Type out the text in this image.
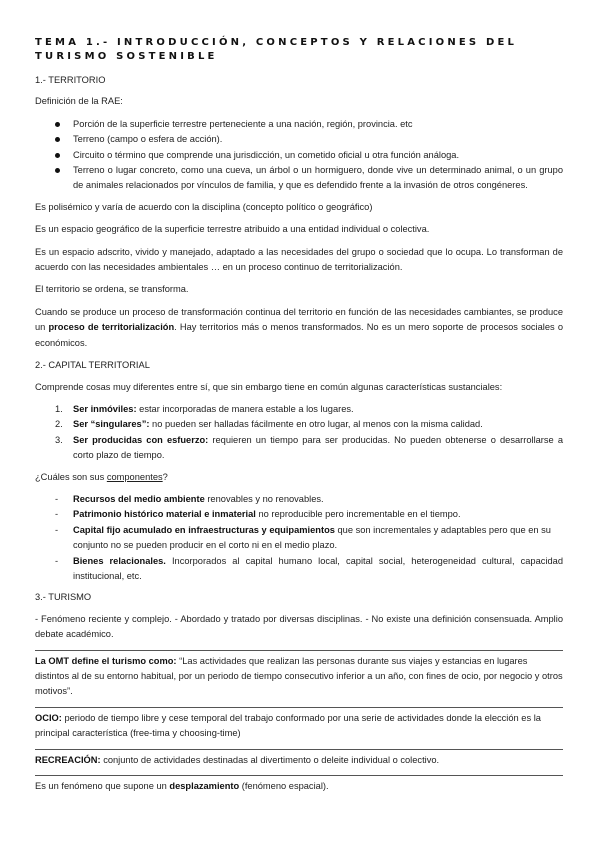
TEMA 1.- INTRODUCCIÓN, CONCEPTOS Y RELACIONES DEL TURISMO SOSTENIBLE
1.- TERRITORIO

Definición de la RAE:

Porción de la superficie terrestre perteneciente a una nación, región, provincia. etc
Terreno (campo o esfera de acción).
Circuito o término que comprende una jurisdicción, un cometido oficial u otra función análoga.
Terreno o lugar concreto, como una cueva, un árbol o un hormiguero, donde vive un determinado animal, o un grupo de animales relacionados por vínculos de familia, y que es defendido frente a la invasión de otros congéneres.

Es polisémico y varía de acuerdo con la disciplina (concepto político o geográfico)

Es un espacio geográfico de la superficie terrestre atribuido a una entidad individual o colectiva.

Es un espacio adscrito, vivido y manejado, adaptado a las necesidades del grupo o sociedad que lo ocupa. Lo transforman de acuerdo con las necesidades ambientales … en un proceso continuo de territorialización.

El territorio se ordena, se transforma.

Cuando se produce un proceso de transformación continua del territorio en función de las necesidades cambiantes, se produce un proceso de territorialización. Hay territorios más o menos transformados. No es un mero soporte de procesos sociales o económicos.

2.- CAPITAL TERRITORIAL

Comprende cosas muy diferentes entre sí, que sin embargo tiene en común algunas características sustanciales:

1. Ser inmóviles: estar incorporadas de manera estable a los lugares.
2. Ser “singulares”: no pueden ser halladas fácilmente en otro lugar, al menos con la misma calidad.
3. Ser producidas con esfuerzo: requieren un tiempo para ser producidas. No pueden obtenerse o desarrollarse a corto plazo de tiempo.

¿Cuáles son sus componentes?

- Recursos del medio ambiente renovables y no renovables.
- Patrimonio histórico material e inmaterial no reproducible pero incrementable en el tiempo.
- Capital fijo acumulado en infraestructuras y equipamientos que son incrementales y adaptables pero que en su conjunto no se pueden producir en el corto ni en el medio plazo.
- Bienes relacionales. Incorporados al capital humano local, capital social, heterogeneidad cultural, capacidad institucional, etc.
3.- TURISMO

- Fenómeno reciente y complejo. - Abordado y tratado por diversas disciplinas. - No existe una definición consensuada. Amplio debate académico.

La OMT define el turismo como: “Las actividades que realizan las personas durante sus viajes y estancias en lugares distintos al de su entorno habitual, por un periodo de tiempo consecutivo inferior a un año, con fines de ocio, por negocio y otros motivos”.

OCIO: periodo de tiempo libre y cese temporal del trabajo conformado por una serie de actividades donde la elección es la principal característica (free-tima y choosing-time)

RECREACIÓN: conjunto de actividades destinadas al divertimento o deleite individual o colectivo.

Es un fenómeno que supone un desplazamiento (fenómeno espacial).
